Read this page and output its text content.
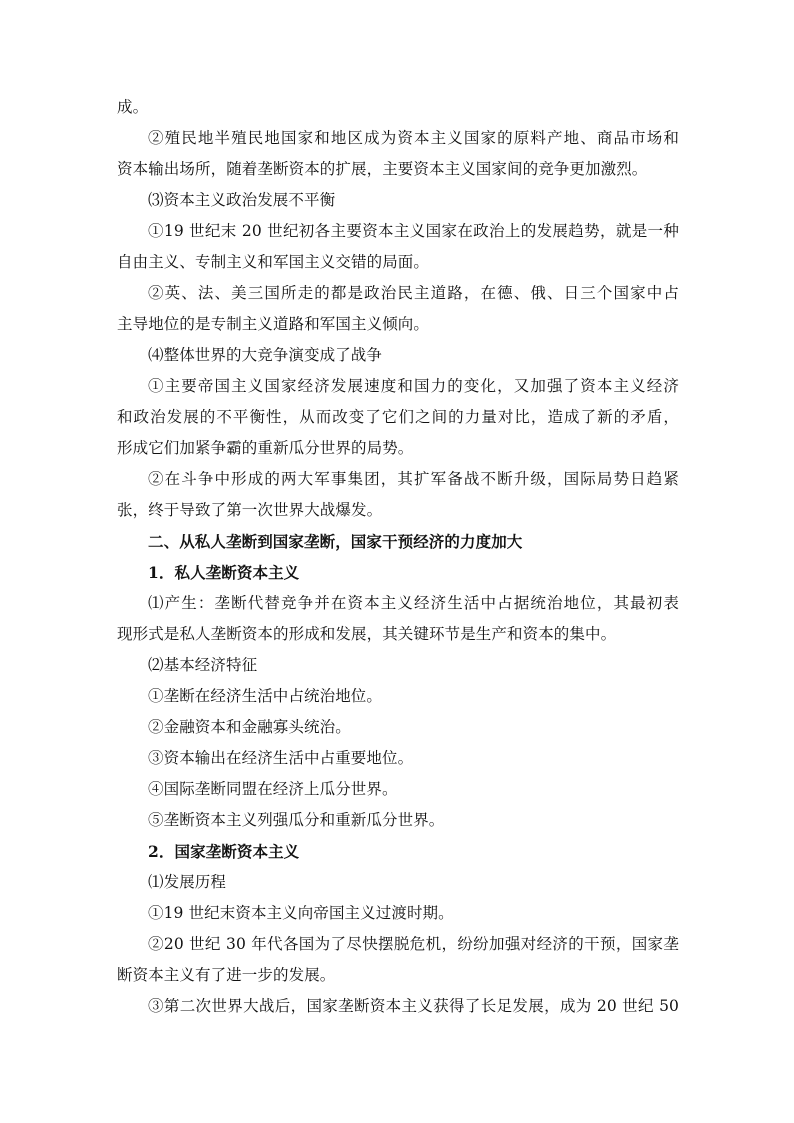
成。
②殖民地半殖民地国家和地区成为资本主义国家的原料产地、商品市场和
资本输出场所，随着垄断资本的扩展，主要资本主义国家间的竞争更加激烈。
⑶资本主义政治发展不平衡
①19 世纪末 20 世纪初各主要资本主义国家在政治上的发展趋势，就是一种
自由主义、专制主义和军国主义交错的局面。
②英、法、美三国所走的都是政治民主道路，在德、俄、日三个国家中占
主导地位的是专制主义道路和军国主义倾向。
⑷整体世界的大竞争演变成了战争
①主要帝国主义国家经济发展速度和国力的变化，又加强了资本主义经济
和政治发展的不平衡性，从而改变了它们之间的力量对比，造成了新的矛盾，
形成它们加紧争霸的重新瓜分世界的局势。
②在斗争中形成的两大军事集团，其扩军备战不断升级，国际局势日趋紧
张，终于导致了第一次世界大战爆发。
二、从私人垄断到国家垄断，国家干预经济的力度加大
1．私人垄断资本主义
⑴产生：垄断代替竞争并在资本主义经济生活中占据统治地位，其最初表
现形式是私人垄断资本的形成和发展，其关键环节是生产和资本的集中。
⑵基本经济特征
①垄断在经济生活中占统治地位。
②金融资本和金融寡头统治。
③资本输出在经济生活中占重要地位。
④国际垄断同盟在经济上瓜分世界。
⑤垄断资本主义列强瓜分和重新瓜分世界。
2．国家垄断资本主义
⑴发展历程
①19 世纪末资本主义向帝国主义过渡时期。
②20 世纪 30 年代各国为了尽快摆脱危机，纷纷加强对经济的干预，国家垄
断资本主义有了进一步的发展。
③第二次世界大战后，国家垄断资本主义获得了长足发展，成为 20 世纪 50
